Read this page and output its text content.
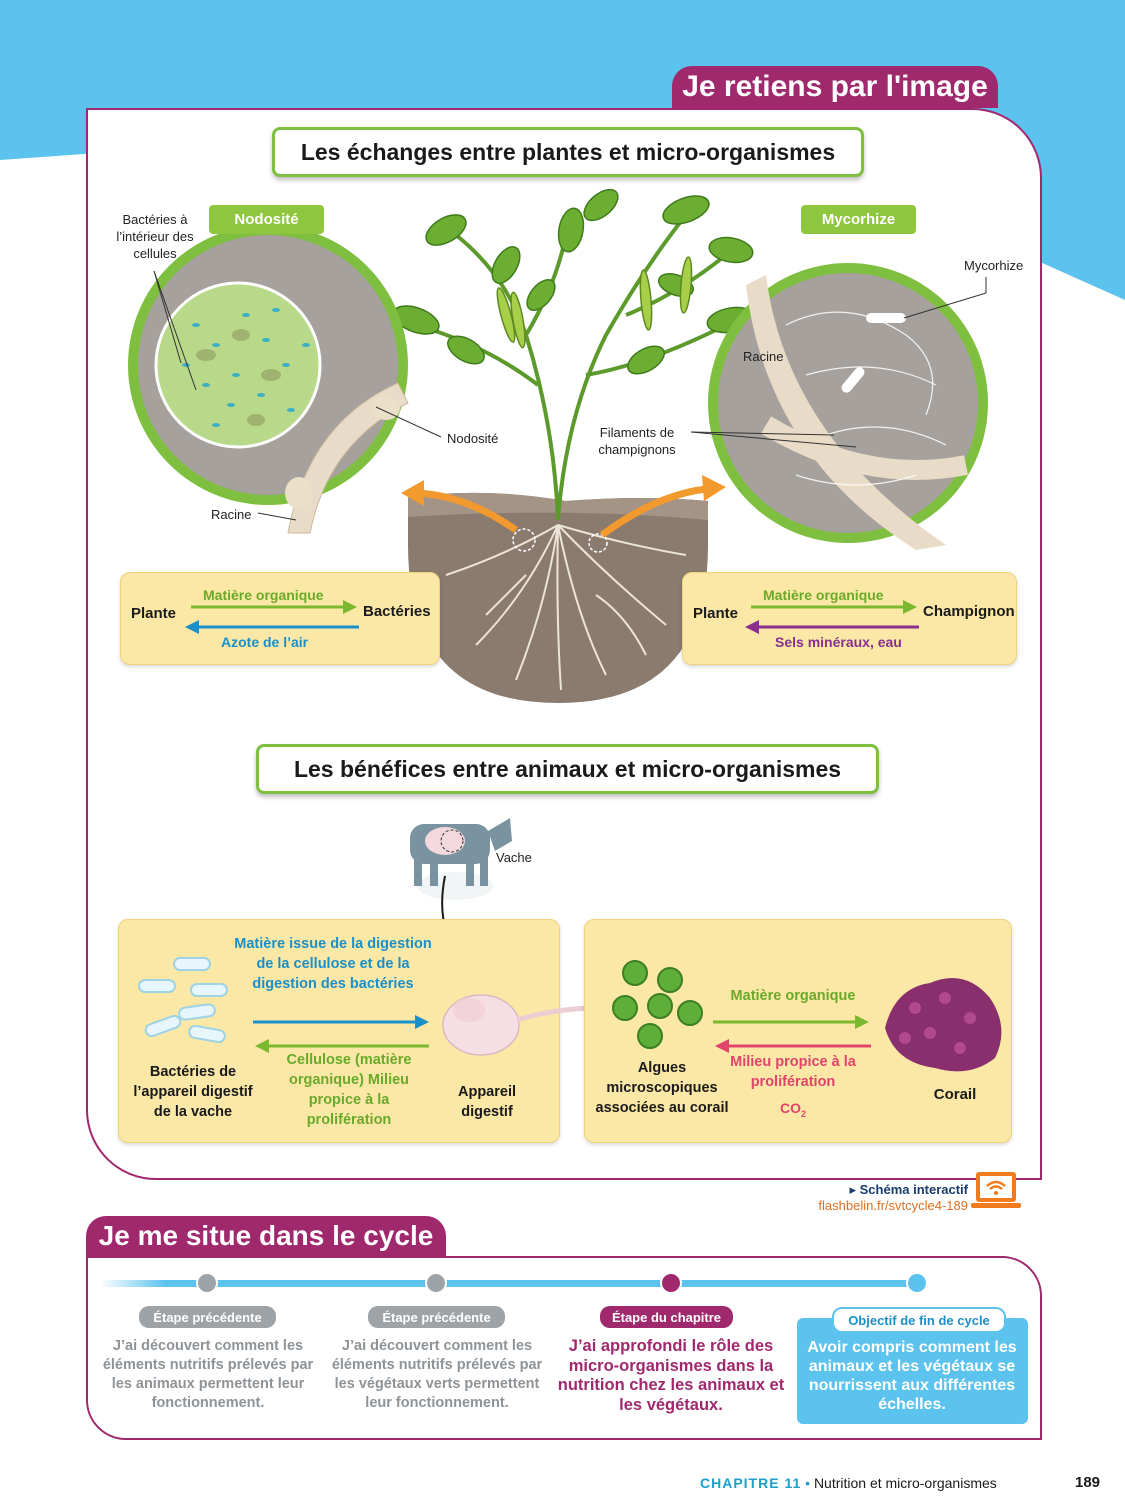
Je retiens par l'image
Les échanges entre plantes et micro-organismes
Nodosité
Bactéries à l’intérieur des cellules
Nodosité
Racine
Mycorhize
Mycorhize
Racine
Filaments de champignons
Plante	Bactéries
Matière organique
Azote de l’air
Plante	Champignon
Matière organique
Sels minéraux, eau
Les bénéfices entre animaux et micro-organismes
Vache
Bactéries de l’appareil digestif de la vache
Appareil digestif
Matière issue de la digestion de la cellulose et de la digestion des bactéries
Cellulose (matière organique) Milieu propice à la prolifération
Algues microscopiques associées au corail
Corail
Matière organique
Milieu propice à la prolifération
$CO_2$
▸ Schéma interactif
flashbelin.fr/svtcycle4-189
Je me situe dans le cycle
Étape précédente
J’ai découvert comment les éléments nutritifs prélevés par les animaux permettent leur fonctionnement.
Étape précédente
J’ai découvert comment les éléments nutritifs prélevés par les végétaux verts permettent leur fonctionnement.
Étape du chapitre
J’ai approfondi le rôle des micro-organismes dans la nutrition chez les animaux et les végétaux.
Objectif de fin de cycle
Avoir compris comment les animaux et les végétaux se nourrissent aux différentes échelles.
CHAPITRE 11 • Nutrition et micro-organismes	189
